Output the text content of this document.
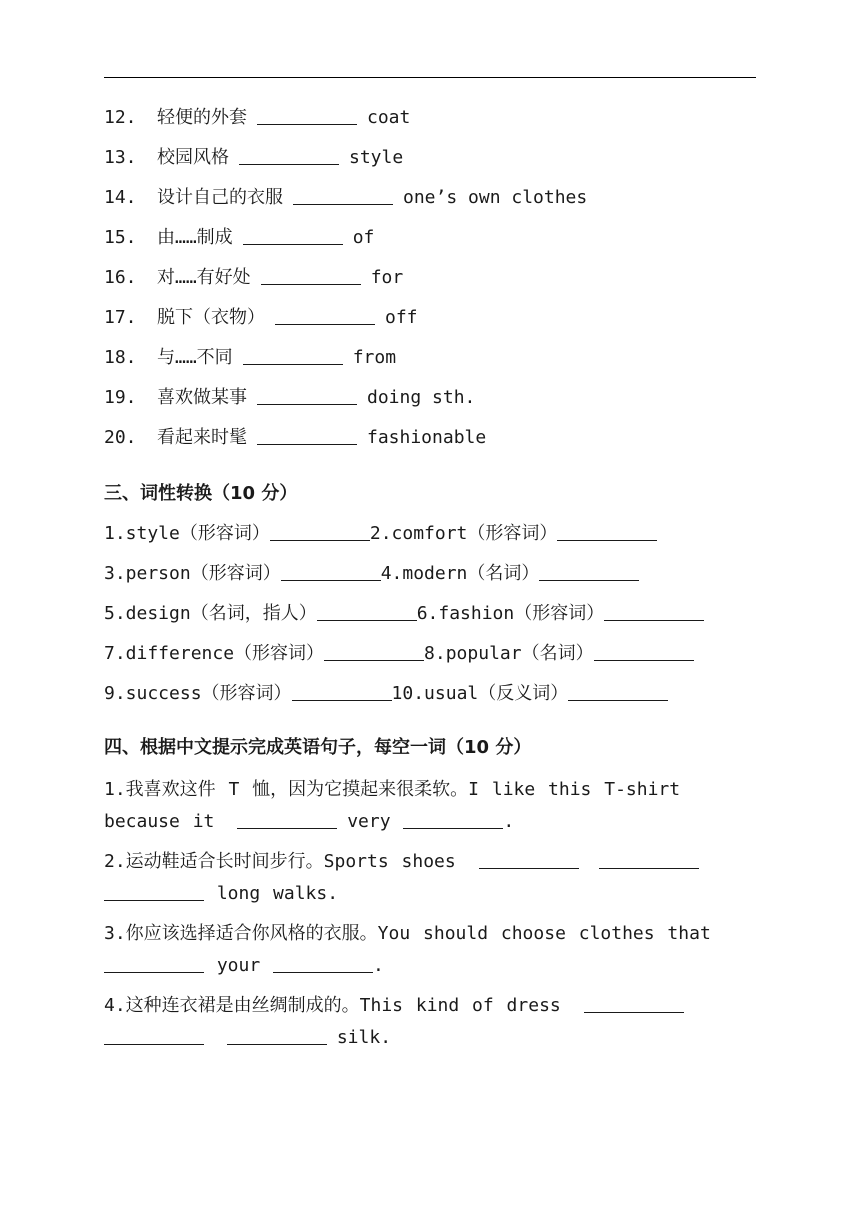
12. 轻便的外套	coat
13. 校园风格	style
14. 设计自己的衣服	one’s own clothes
15. 由……制成	of
16. 对……有好处	for
17. 脱下（衣物）	off
18. 与……不同	from
19. 喜欢做某事	doing sth.
20. 看起来时髦	fashionable
三、词性转换（10 分）
1.style（形容词）	2.comfort（形容词）
3.person（形容词）	4.modern（名词）
5.design（名词，指人）	6.fashion（形容词）
7.difference（形容词）	8.popular（名词）
9.success（形容词）	10.usual（反义词）
四、根据中文提示完成英语句子，每空一词（10 分）
1.我喜欢这件 T 恤，因为它摸起来很柔软。I like this T-shirt because it	very	.
2.运动鞋适合长时间步行。Sports shoes   long walks.
3.你应该选择适合你风格的衣服。You should choose clothes that  your	.
4.这种连衣裙是由丝绸制成的。This kind of dress   silk.
